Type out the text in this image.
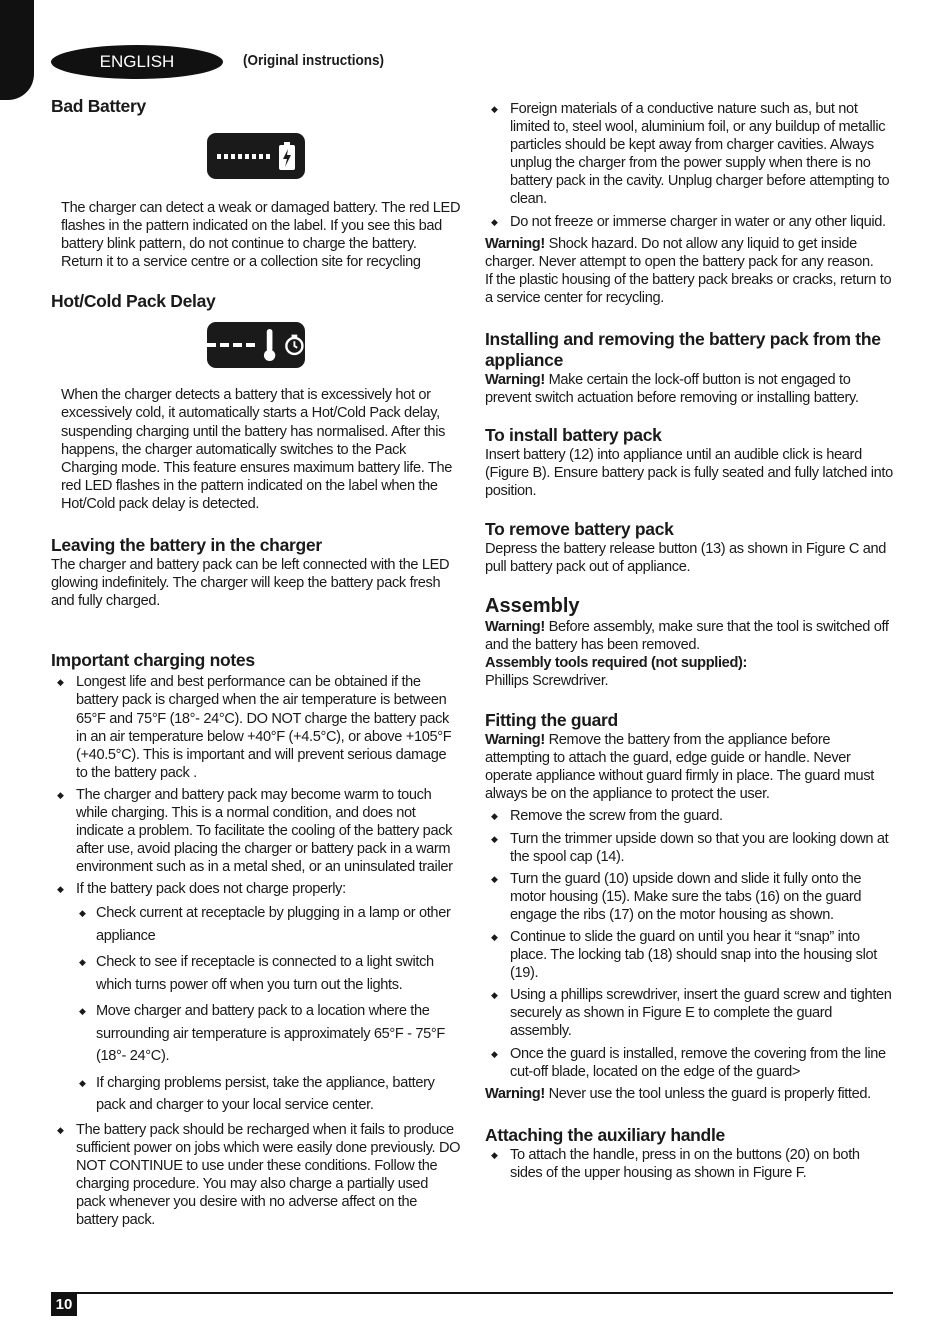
ENGLISH	(Original instructions)
Bad Battery

The charger can detect a weak or damaged battery. The red LED flashes in the pattern indicated on the label. If you see this bad battery blink pattern, do not continue to charge the battery. Return it to a service centre or a collection site for recycling

Hot/Cold Pack Delay

When the charger detects a battery that is excessively hot or excessively cold, it automatically starts a Hot/Cold Pack delay, suspending charging until the battery has normalised. After this happens, the charger automatically switches to the Pack Charging mode. This feature ensures maximum battery life. The red LED flashes in the pattern indicated on the label when the Hot/Cold pack delay is detected.

Leaving the battery in the charger

The charger and battery pack can be left connected with the LED glowing indefinitely. The charger will keep the battery pack fresh and fully charged.

Important charging notes
◆ Longest life and best performance can be obtained if the battery pack is charged when the air temperature is between 65°F and 75°F (18°- 24°C). DO NOT charge the battery pack in an air temperature below +40°F (+4.5°C), or above +105°F (+40.5°C). This is important and will prevent serious damage to the battery pack .
◆ The charger and battery pack may become warm to touch while charging. This is a normal condition, and does not indicate a problem. To facilitate the cooling of the battery pack after use, avoid placing the charger or battery pack in a warm environment such as in a metal shed, or an uninsulated trailer
◆ If the battery pack does not charge properly:
◆ Check current at receptacle by plugging in a lamp or other appliance
◆ Check to see if receptacle is connected to a light switch which turns power off when you turn out the lights.
◆ Move charger and battery pack to a location where the surrounding air temperature is approximately 65°F - 75°F (18°- 24°C).
◆ If charging problems persist, take the appliance, battery pack and charger to your local service center.
◆ The battery pack should be recharged when it fails to produce sufficient power on jobs which were easily done previously. DO NOT CONTINUE to use under these conditions. Follow the charging procedure. You may also charge a partially used pack whenever you desire with no adverse affect on the battery pack.
◆ Foreign materials of a conductive nature such as, but not limited to, steel wool, aluminium foil, or any buildup of metallic particles should be kept away from charger cavities. Always unplug the charger from the power supply when there is no battery pack in the cavity. Unplug charger before attempting to clean.
◆ Do not freeze or immerse charger in water or any other liquid.

Warning! Shock hazard. Do not allow any liquid to get inside charger. Never attempt to open the battery pack for any reason.

If the plastic housing of the battery pack breaks or cracks, return to a service center for recycling.

Installing and removing the battery pack from the appliance

Warning! Make certain the lock-off button is not engaged to prevent switch actuation before removing or installing battery.

To install battery pack

Insert battery (12) into appliance until an audible click is heard (Figure B). Ensure battery pack is fully seated and fully latched into position.

To remove battery pack

Depress the battery release button (13) as shown in Figure C and pull battery pack out of appliance.

Assembly

Warning! Before assembly, make sure that the tool is switched off and the battery has been removed.

Assembly tools required (not supplied):

Phillips Screwdriver.

Fitting the guard

Warning! Remove the battery from the appliance before attempting to attach the guard, edge guide or handle. Never operate appliance without guard firmly in place. The guard must always be on the appliance to protect the user.

◆ Remove the screw from the guard.
◆ Turn the trimmer upside down so that you are looking down at the spool cap (14).
◆ Turn the guard (10) upside down and slide it fully onto the motor housing (15). Make sure the tabs (16) on the guard engage the ribs (17) on the motor housing as shown.
◆ Continue to slide the guard on until you hear it “snap” into place. The locking tab (18) should snap into the housing slot (19).
◆ Using a phillips screwdriver, insert the guard screw and tighten securely as shown in Figure E to complete the guard assembly.
◆ Once the guard is installed, remove the covering from the line cut-off blade, located on the edge of the guard>

Warning! Never use the tool unless the guard is properly fitted.

Attaching the auxiliary handle
◆ To attach the handle, press in on the buttons (20) on both sides of the upper housing as shown in Figure F.
10
